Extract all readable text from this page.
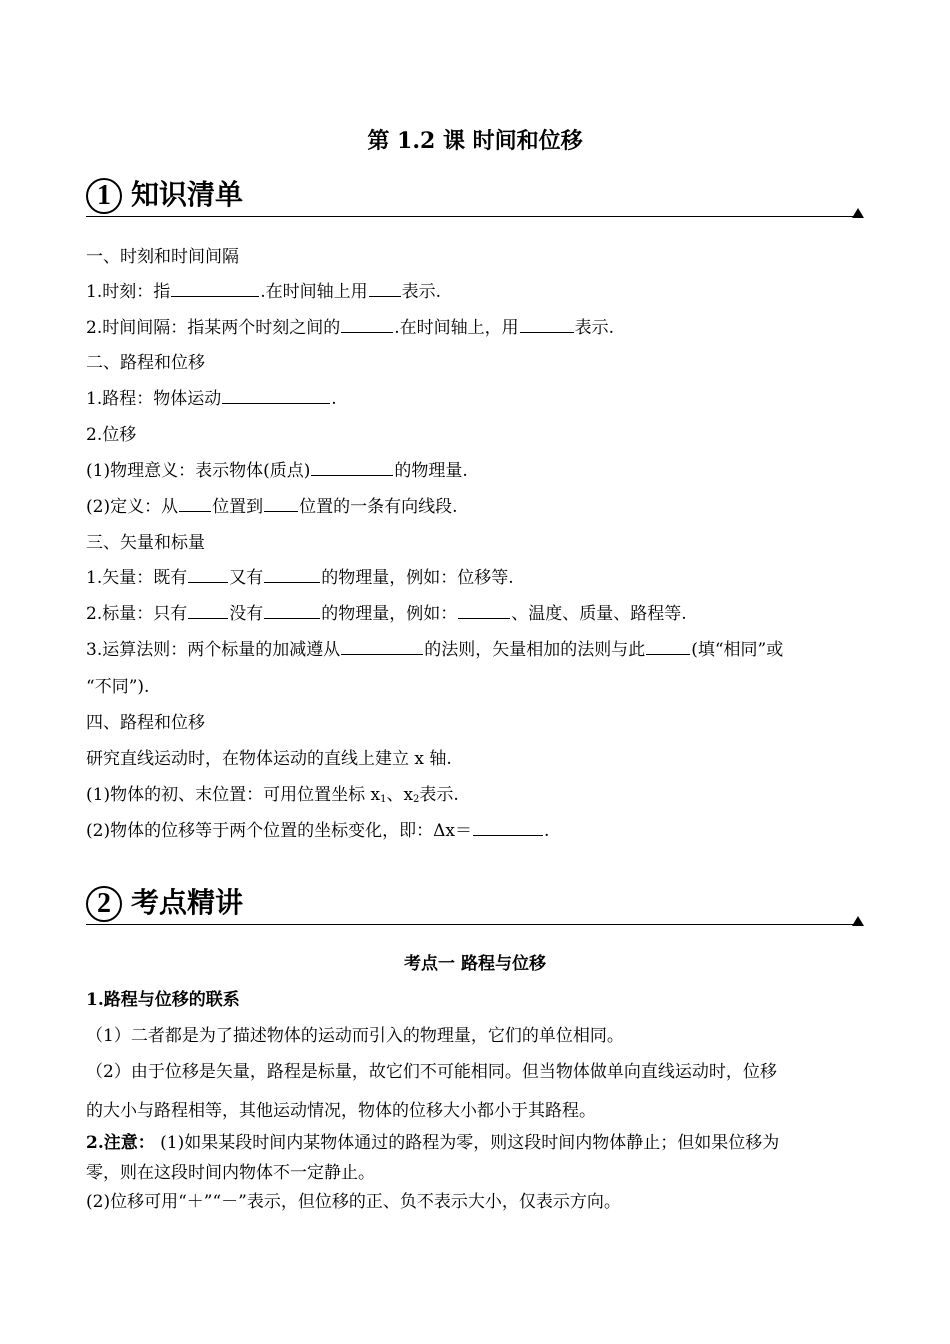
第 1.2 课 时间和位移
1 知识清单
一、时刻和时间间隔
1.时刻：指	.在时间轴上用 表示.
2.时间间隔：指某两个时刻之间的	.在时间轴上，用	表示.
二、路程和位移
1.路程：物体运动	.
2.位移
(1)物理意义：表示物体(质点)	的物理量.
(2)定义：从 位置到 位置的一条有向线段.
三、矢量和标量
1.矢量：既有 又有	的物理量，例如：位移等.
2.标量：只有 没有	的物理量，例如：	、温度、质量、路程等.
3.运算法则：两个标量的加减遵从	的法则，矢量相加的法则与此	(填“相同”或
“不同”).
四、路程和位移
研究直线运动时，在物体运动的直线上建立 x 轴.
(1)物体的初、末位置：可用位置坐标 $x_1$、$x_2$表示.
(2)物体的位移等于两个位置的坐标变化，即：Δx＝	.
2 考点精讲
考点一 路程与位移
1.路程与位移的联系
（1）二者都是为了描述物体的运动而引入的物理量，它们的单位相同。
（2）由于位移是矢量，路程是标量，故它们不可能相同。但当物体做单向直线运动时，位移
的大小与路程相等，其他运动情况，物体的位移大小都小于其路程。
2.注意： (1)如果某段时间内某物体通过的路程为零，则这段时间内物体静止；但如果位移为
零，则在这段时间内物体不一定静止。
(2)位移可用“＋”“－”表示，但位移的正、负不表示大小，仅表示方向。
